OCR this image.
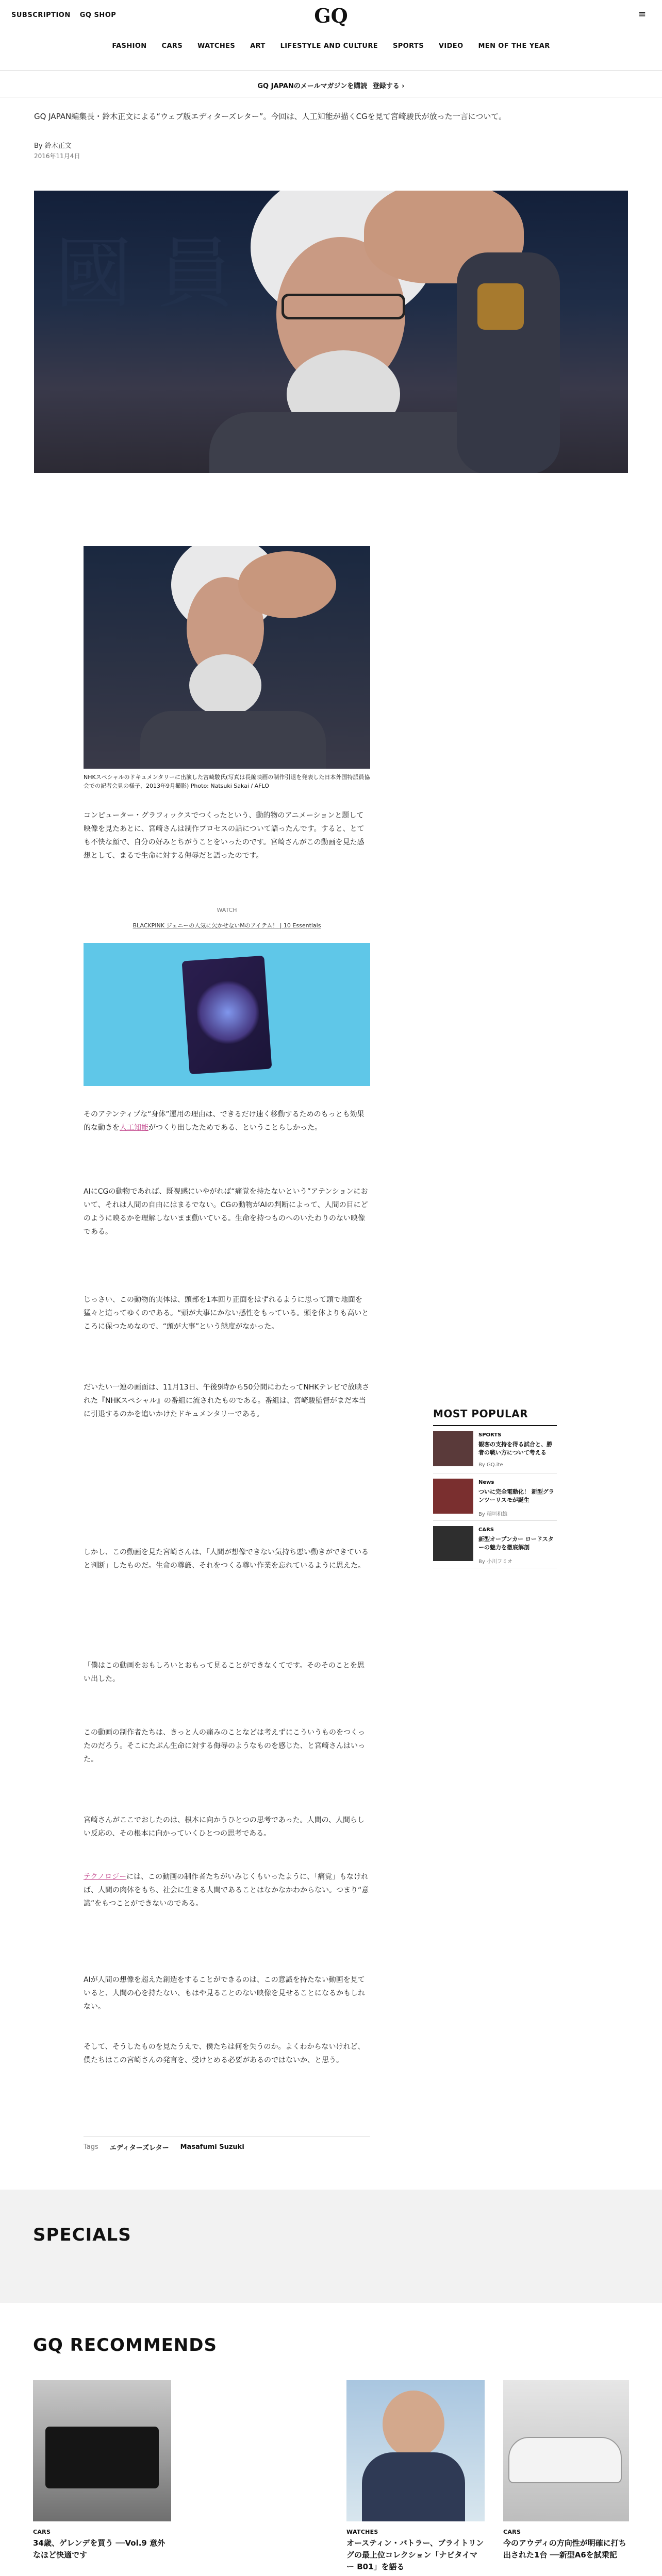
SUBSCRIPTION GQ SHOP	GQ	≡
FASHION CARS WATCHES ART LIFESTYLE AND CULTURE SPORTS VIDEO MEN OF THE YEAR
GQ JAPANのメールマガジンを購読 登録する ›
GQ JAPAN編集長・鈴木正文による“ウェブ版エディターズレター”。今回は、人工知能が描くCGを見て宮崎駿氏が放った一言について。
By 鈴木正文
2016年11月4日
國 員
NHKスペシャルのドキュメンタリーに出演した宮崎駿氏(写真は長編映画の制作引退を発表した日本外国特派員協会での記者会見の様子、2013年9月撮影) Photo: Natsuki Sakai / AFLO
コンピューター・グラフィックスでつくったという、動的物のアニメーションと題して映像を見たあとに、宮崎さんは制作プロセスの話について語ったんです。すると、とても不快な顔で、自分の好みとちがうことをいったのです。宮崎さんがこの動画を見た感想として、まるで生命に対する侮辱だと語ったのです。
WATCH
BLACKPINK ジェニーの人気に欠かせないMのアイテム！ | 10 Essentials
そのアテンティブな“身体”運用の理由は、できるだけ速く移動するためのもっとも効果的な動きを人工知能がつくり出したためである、ということらしかった。
AIにCGの動物であれば、既視感にいやがれば“痛覚を持たないという”アテンションにおいて、それは人間の自由にはまるでない。CGの動物がAIの判断によって、人間の目にどのように映るかを理解しないまま動いている。生命を持つものへのいたわりのない映像である。
じっさい、この動物的実体は、頭部を1本回り正面をはずれるように思って頭で地面を猛々と這ってゆくのである。“頭が大事にかない感性をもっている。頭を体よりも高いところに保つためなので、“頭が大事”という態度がなかった。
だいたい一連の画面は、11月13日、午後9時から50分間にわたってNHKテレビで放映された『NHKスペシャル』の番組に流されたものである。番組は、宮崎駿監督がまだ本当に引退するのかを追いかけたドキュメンタリーである。
しかし、この動画を見た宮崎さんは、「人間が想像できない気持ち悪い動きができていると判断」したものだ。生命の尊厳、それをつくる尊い作業を忘れているように思えた。
「僕はこの動画をおもしろいとおもって見ることができなくてです。そのそのことを思い出した。
この動画の制作者たちは、きっと人の痛みのことなどは考えずにこういうものをつくったのだろう。そこにたぶん生命に対する侮辱のようなものを感じた、と宮崎さんはいった。
宮崎さんがここでおしたのは、根本に向かうひとつの思考であった。人間の、人間らしい反応の、その根本に向かっていくひとつの思考である。
テクノロジーには、この動画の制作者たちがいみじくもいったように、「痛覚」もなければ、人間の肉体をもち、社会に生きる人間であることはなかなかわからない。つまり“意識”をもつことができないのである。
AIが人間の想像を超えた創造をすることができるのは、この意識を持たない動画を見ていると、人間の心を持たない、もはや見ることのない映像を見せることになるかもしれない。
そして、そうしたものを見たうえで、僕たちは何を失うのか。よくわからないけれど、僕たちはこの宮崎さんの発言を、受けとめる必要があるのではないか、と思う。
Tags エディターズレター Masafumi Suzuki
MOST POPULAR
SPORTS
観客の支持を得る試合と、勝者の戦い方について考える
By GQ.ite
News
ついに完全電動化！ 新型グランツーリスモが誕生
By 稲垣和雄
CARS
新型オープンカー ロードスターの魅力を徹底解剖
By 小川フミオ
SPECIALS
GQ RECOMMENDS
CARS
34歳、ゲレンデを買う ──Vol.9 意外なほど快適です
WATCHES
オースティン・バトラー、ブライトリングの最上位コレクション「ナビタイマー B01」を語る
CARS
今のアウディの方向性が明確に打ち出された1台 ──新型A6を試乗記
